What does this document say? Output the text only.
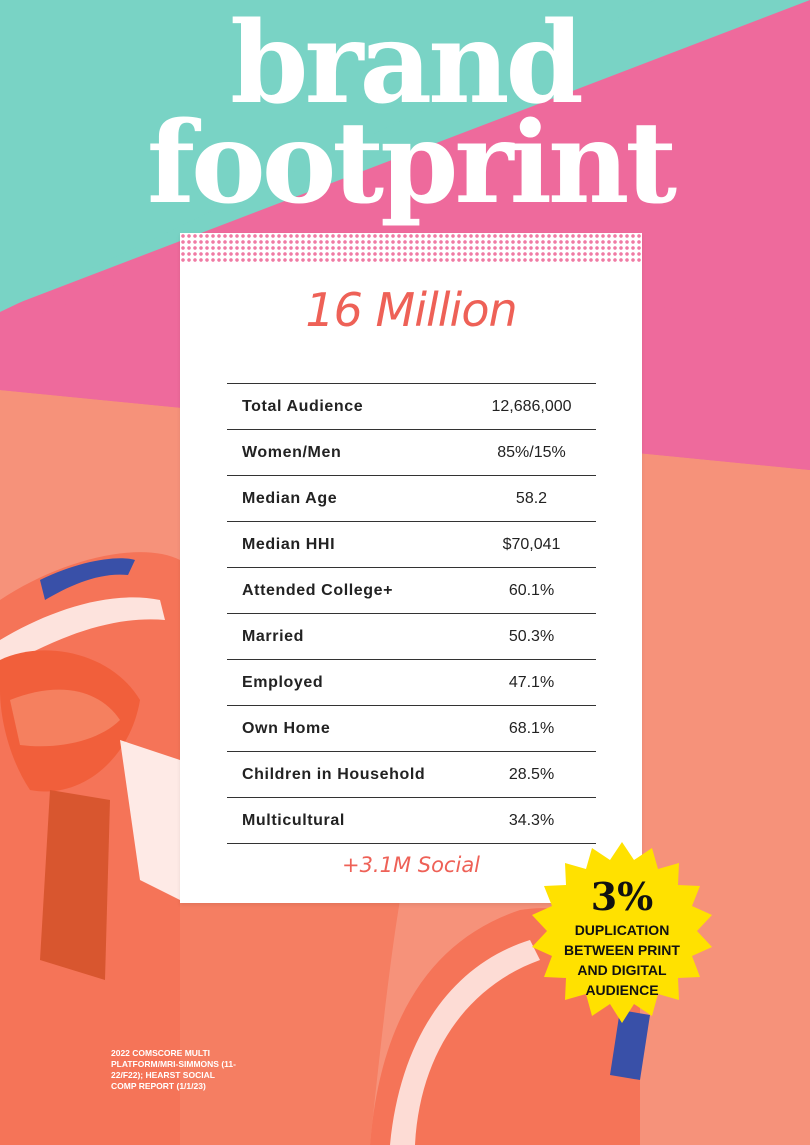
brand
footprint
16 Million
Total Audience	12,686,000
Women/Men	85%/15%
Median Age	58.2
Median HHI	$70,041
Attended College+	60.1%
Married	50.3%
Employed	47.1%
Own Home	68.1%
Children in Household	28.5%
Multicultural	34.3%
+3.1M Social
3%
DUPLICATION BETWEEN PRINT AND DIGITAL AUDIENCE
2022 COMSCORE MULTI PLATFORM/MRI-SIMMONS (11-22/F22); HEARST SOCIAL COMP REPORT (1/1/23)
